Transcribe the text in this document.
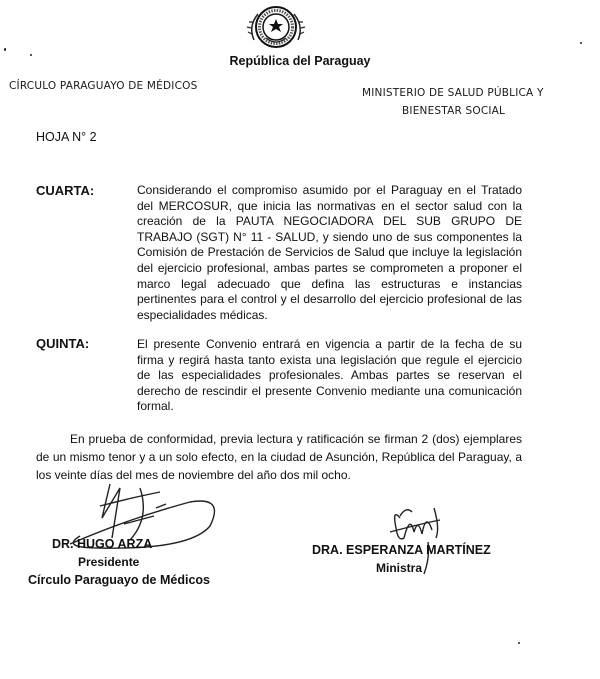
República del Paraguay
CÍRCULO PARAGUAYO DE MÉDICOS
MINISTERIO DE SALUD PÚBLICA Y
BIENESTAR SOCIAL
HOJA N° 2
CUARTA:	Considerando el compromiso asumido por el Paraguay en el Tratado del MERCOSUR, que inicia las normativas en el sector salud con la creación de la PAUTA NEGOCIADORA DEL SUB GRUPO DE TRABAJO (SGT) N° 11 - SALUD, y siendo uno de sus componentes la Comisión de Prestación de Servicios de Salud que incluye la legislación del ejercicio profesional, ambas partes se comprometen a proponer el marco legal adecuado que defina las estructuras e instancias pertinentes para el control y el desarrollo del ejercicio profesional de las especialidades médicas.
QUINTA:	El presente Convenio entrará en vigencia a partir de la fecha de su firma y regirá hasta tanto exista una legislación que regule el ejercicio de las especialidades profesionales. Ambas partes se reservan el derecho de rescindir el presente Convenio mediante una comunicación formal.
En prueba de conformidad, previa lectura y ratificación se firman 2 (dos) ejemplares de un mismo tenor y a un solo efecto, en la ciudad de Asunción, República del Paraguay, a los veinte días del mes de noviembre del año dos mil ocho.
DR. HUGO ARZA
Presidente
Círculo Paraguayo de Médicos
DRA. ESPERANZA MARTÍNEZ
Ministra
